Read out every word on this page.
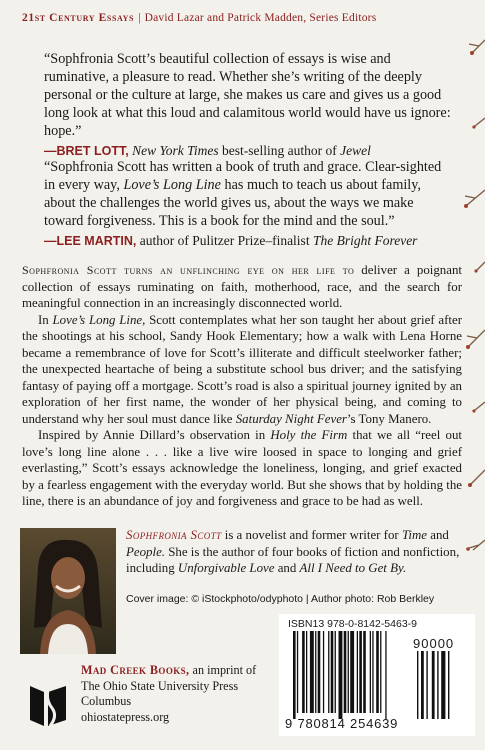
21st Century Essays | David Lazar and Patrick Madden, Series Editors

“Sophfronia Scott’s beautiful collection of essays is wise and ruminative, a pleasure to read. Whether she’s writing of the deeply personal or the culture at large, she makes us care and gives us a good long look at what this loud and calamitous world would have us ignore: hope.”

—BRET LOTT, New York Times best-selling author of Jewel

“Sophfronia Scott has written a book of truth and grace. Clear-sighted in every way, Love’s Long Line has much to teach us about family, about the challenges the world gives us, about the ways we make toward forgiveness. This is a book for the mind and the soul.”

—LEE MARTIN, author of Pulitzer Prize–finalist The Bright Forever

Sophfronia Scott turns an unflinching eye on her life to deliver a poignant collection of essays ruminating on faith, motherhood, race, and the search for meaningful connection in an increasingly disconnected world.

In Love’s Long Line, Scott contemplates what her son taught her about grief after the shootings at his school, Sandy Hook Elementary; how a walk with Lena Horne became a remembrance of love for Scott’s illiterate and difficult steelworker father; the unexpected heartache of being a substitute school bus driver; and the satisfying fantasy of paying off a mortgage. Scott’s road is also a spiritual journey ignited by an exploration of her first name, the wonder of her physical being, and coming to understand why her soul must dance like Saturday Night Fever’s Tony Manero.

Inspired by Annie Dillard’s observation in Holy the Firm that we all “reel out love’s long line alone . . . like a live wire loosed in space to longing and grief everlasting,” Scott’s essays acknowledge the loneliness, longing, and grief exacted by a fearless engagement with the everyday world. But she shows that by holding the line, there is an abundance of joy and forgiveness and grace to be had as well.

Sophfronia Scott is a novelist and former writer for Time and People. She is the author of four books of fiction and nonfiction, including Unforgivable Love and All I Need to Get By.
Cover image: © iStockphoto/odyphoto | Author photo: Rob Berkley
Mad Creek Books, an imprint of
The Ohio State University Press
Columbus
ohiostatepress.org
ISBN13 978-0-8142-5463-9
9 780814 254639
90000
